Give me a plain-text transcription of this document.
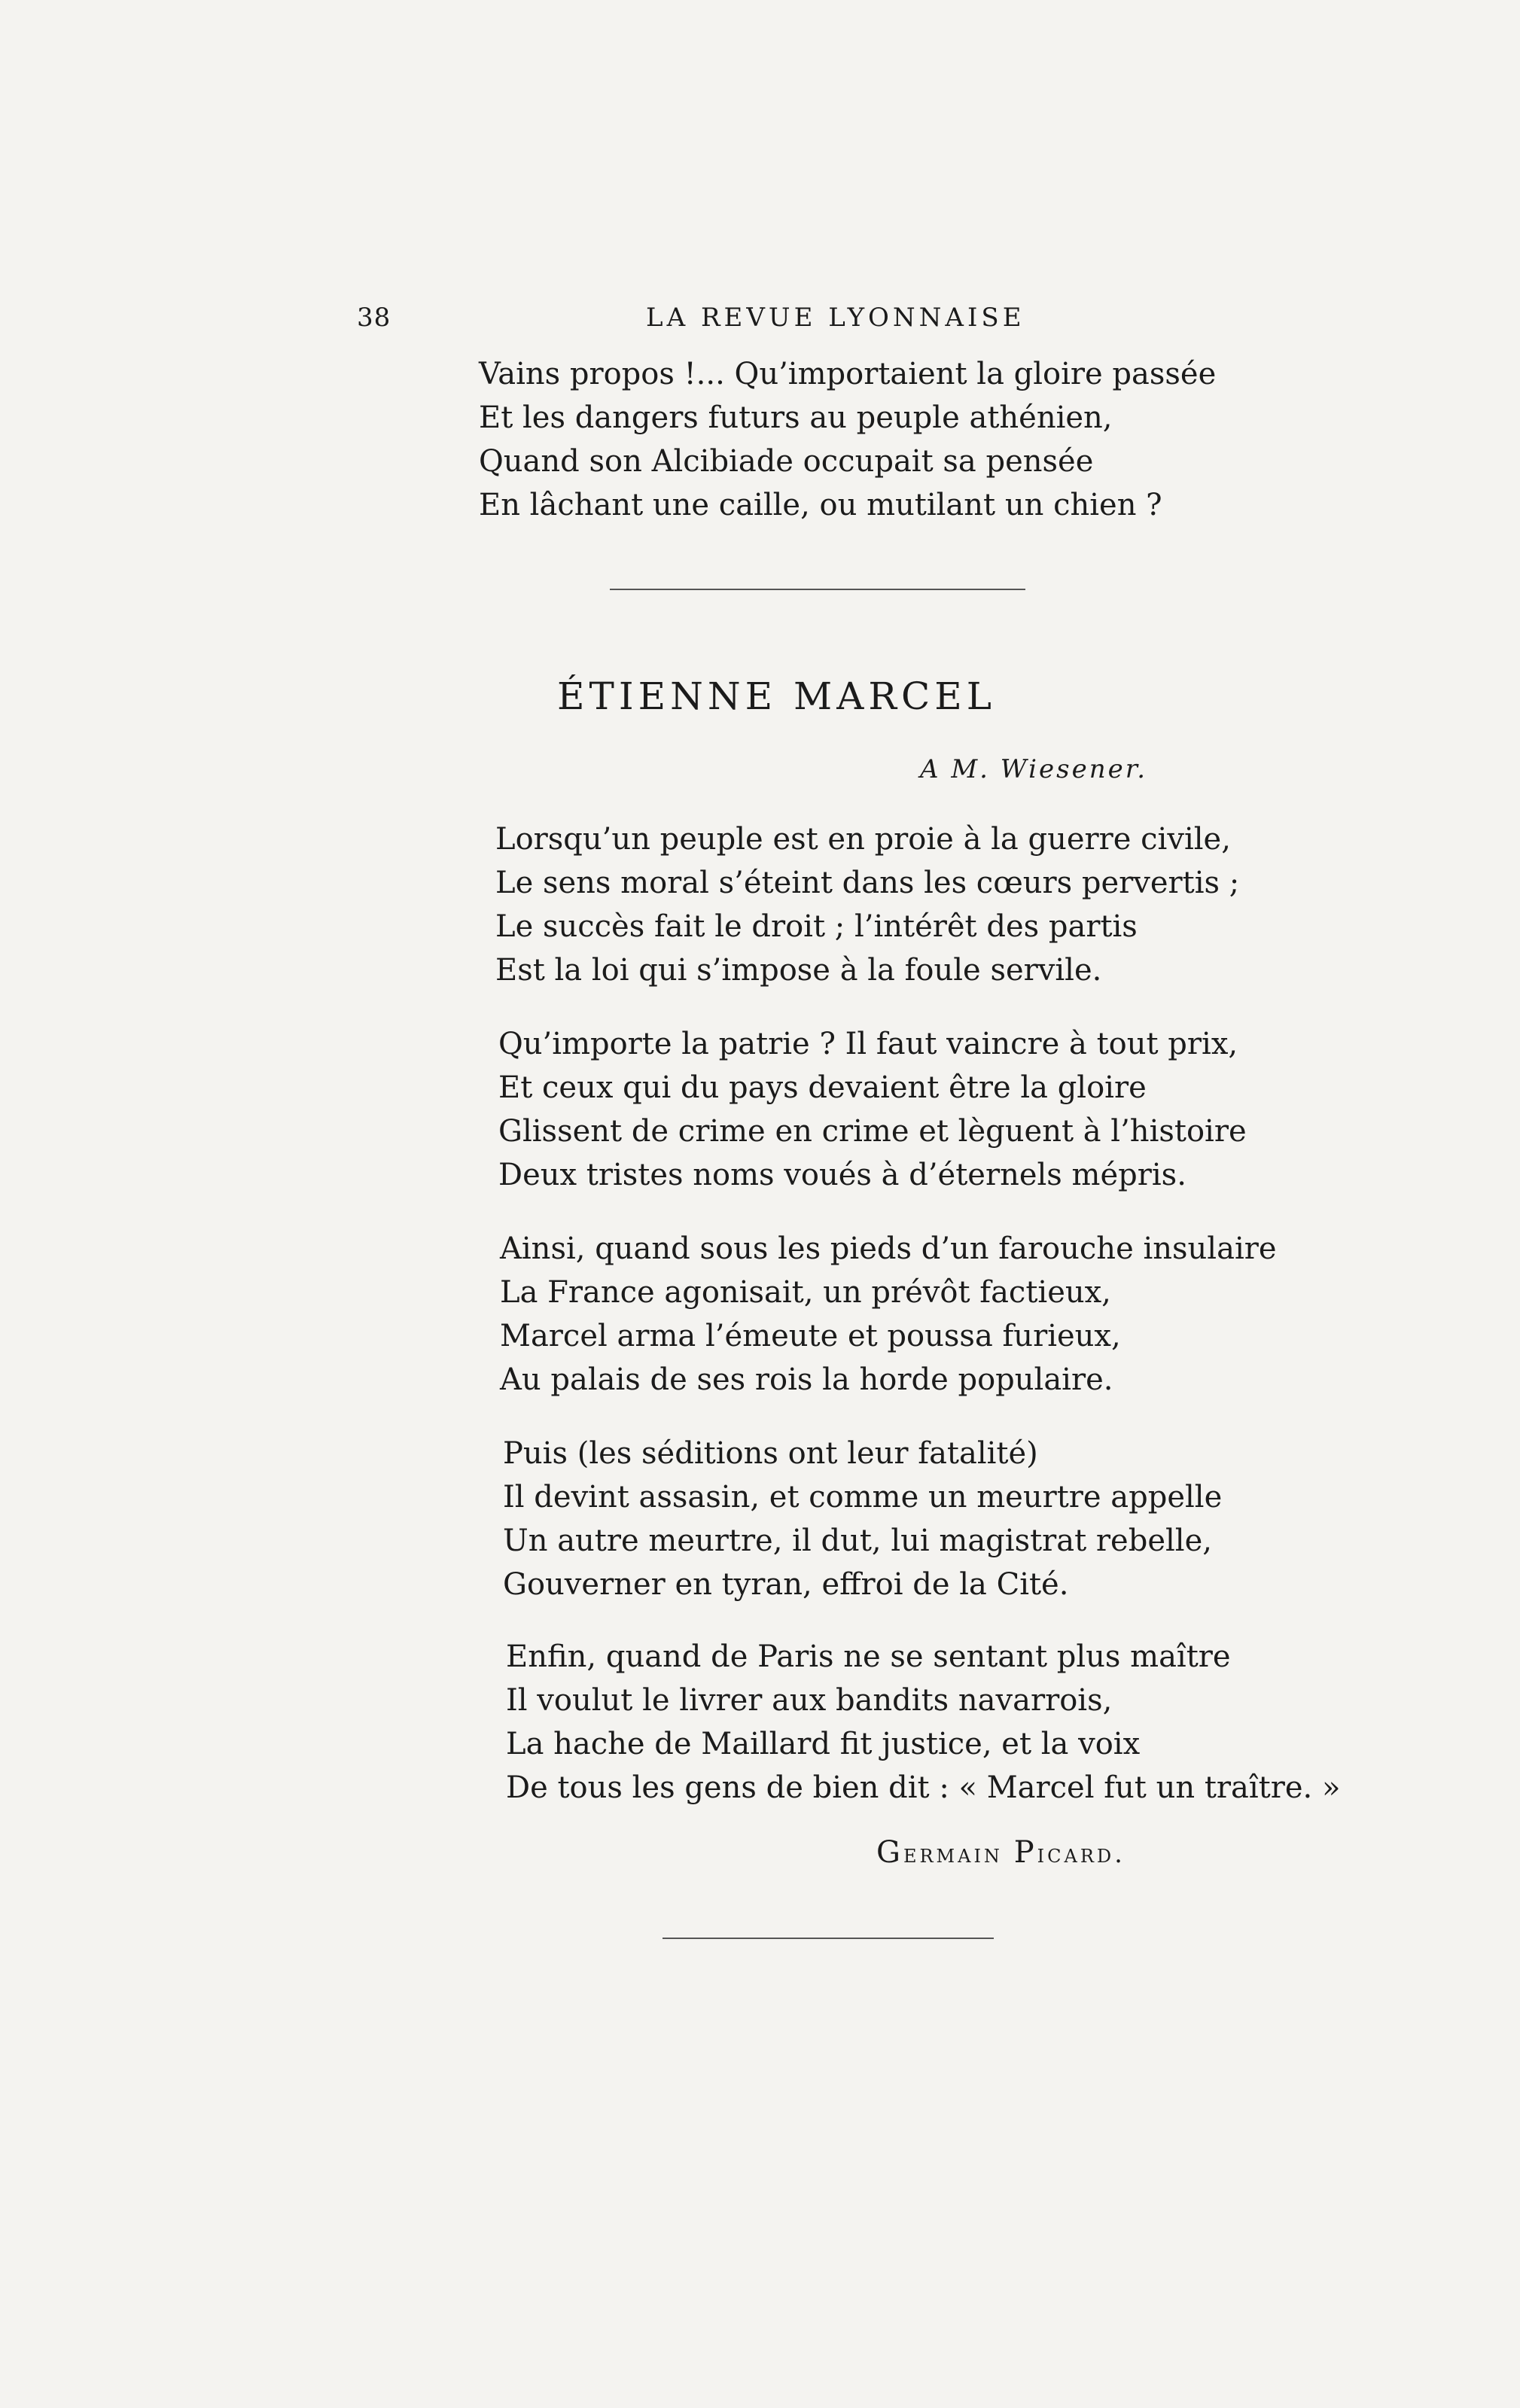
38	LA REVUE LYONNAISE
Vains propos !... Qu’importaient la gloire passée
Et les dangers futurs au peuple athénien,
Quand son Alcibiade occupait sa pensée
En lâchant une caille, ou mutilant un chien ?
ÉTIENNE MARCEL
A M. Wiesener.
Lorsqu’un peuple est en proie à la guerre civile,
Le sens moral s’éteint dans les cœurs pervertis ;
Le succès fait le droit ; l’intérêt des partis
Est la loi qui s’impose à la foule servile.
Qu’importe la patrie ? Il faut vaincre à tout prix,
Et ceux qui du pays devaient être la gloire
Glissent de crime en crime et lèguent à l’histoire
Deux tristes noms voués à d’éternels mépris.
Ainsi, quand sous les pieds d’un farouche insulaire
La France agonisait, un prévôt factieux,
Marcel arma l’émeute et poussa furieux,
Au palais de ses rois la horde populaire.
Puis (les séditions ont leur fatalité)
Il devint assasin, et comme un meurtre appelle
Un autre meurtre, il dut, lui magistrat rebelle,
Gouverner en tyran, effroi de la Cité.
Enfin, quand de Paris ne se sentant plus maître
Il voulut le livrer aux bandits navarrois,
La hache de Maillard fit justice, et la voix
De tous les gens de bien dit : « Marcel fut un traître. »
Germain Picard.
